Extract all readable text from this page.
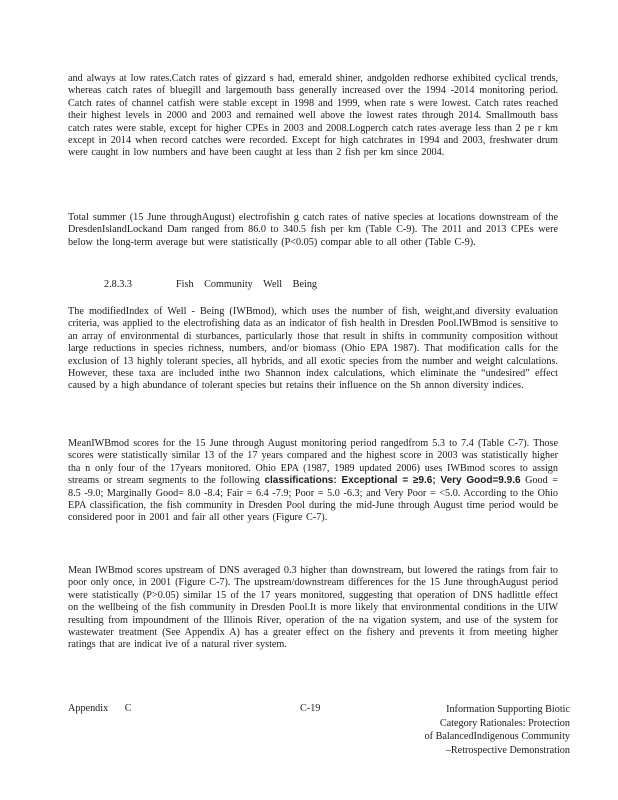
and always at low rates.Catch rates of gizzard s had, emerald shiner, andgolden redhorse exhibited cyclical trends, whereas catch rates of bluegill and largemouth bass generally increased over the 1994 -2014 monitoring period. Catch rates of channel catfish were stable except in 1998 and 1999, when rate s were lowest. Catch rates reached their highest levels in 2000 and 2003 and remained well above the lowest rates through 2014. Smallmouth bass catch rates were stable, except for higher CPEs in 2003 and 2008.Logperch catch rates average less than 2 pe r km except in 2014 when record catches were recorded. Except for high catchrates in 1994 and 2003, freshwater drum were caught in low numbers and have been caught at less than 2 fish per km since 2004.

Total summer (15 June throughAugust) electrofishin g catch rates of native species at locations downstream of the DresdenIslandLockand Dam ranged from 86.0 to 340.5 fish per km (Table C-9). The 2011 and 2013 CPEs were below the long-term average but were statistically (P<0.05) compar able to all other (Table C-9).

2.8.3.3	Fish Community Well Being

The modifiedIndex of Well - Being (IWBmod), which uses the number of fish, weight,and diversity evaluation criteria, was applied to the electrofishing data as an indicator of fish health in Dresden Pool.IWBmod is sensitive to an array of environmental di sturbances, particularly those that result in shifts in community composition without large reductions in species richness, numbers, and/or biomass (Ohio EPA 1987). That modification calls for the exclusion of 13 highly tolerant species, all hybrids, and all exotic species from the number and weight calculations. However, these taxa are included inthe two Shannon index calculations, which eliminate the “undesired” effect caused by a high abundance of tolerant species but retains their influence on the Sh annon diversity indices.

MeanIWBmod scores for the 15 June through August monitoring period rangedfrom 5.3 to 7.4 (Table C-7). Those scores were statistically similar 13 of the 17 years compared and the highest score in 2003 was statistically higher tha n only four of the 17years monitored. Ohio EPA (1987, 1989 updated 2006) uses IWBmod scores to assign streams or stream segments to the following classifications: Exceptional = ≥9.6; Very Good=9.9.6 Good = 8.5 -9.0; Marginally Good= 8.0 -8.4; Fair = 6.4 -7.9; Poor = 5.0 -6.3; and Very Poor = <5.0. According to the Ohio EPA classification, the fish community in Dresden Pool during the mid-June through August time period would be considered poor in 2001 and fair all other years (Figure C-7).

Mean IWBmod scores upstream of DNS averaged 0.3 higher than downstream, but lowered the ratings from fair to poor only once, in 2001 (Figure C-7). The upstream/downstream differences for the 15 June throughAugust period were statistically (P>0.05) similar 15 of the 17 years monitored, suggesting that operation of DNS hadlittle effect on the wellbeing of the fish community in Dresden Pool.It is more likely that environmental conditions in the UIW resulting from impoundment of the Illinois River, operation of the na vigation system, and use of the system for wastewater treatment (See Appendix A) has a greater effect on the fishery and prevents it from meeting higher ratings that are indicat ive of a natural river system.

Appendix C	C-19	Information Supporting Biotic
Category Rationales: Protection
of BalancedIndigenous Community
–Retrospective Demonstration
